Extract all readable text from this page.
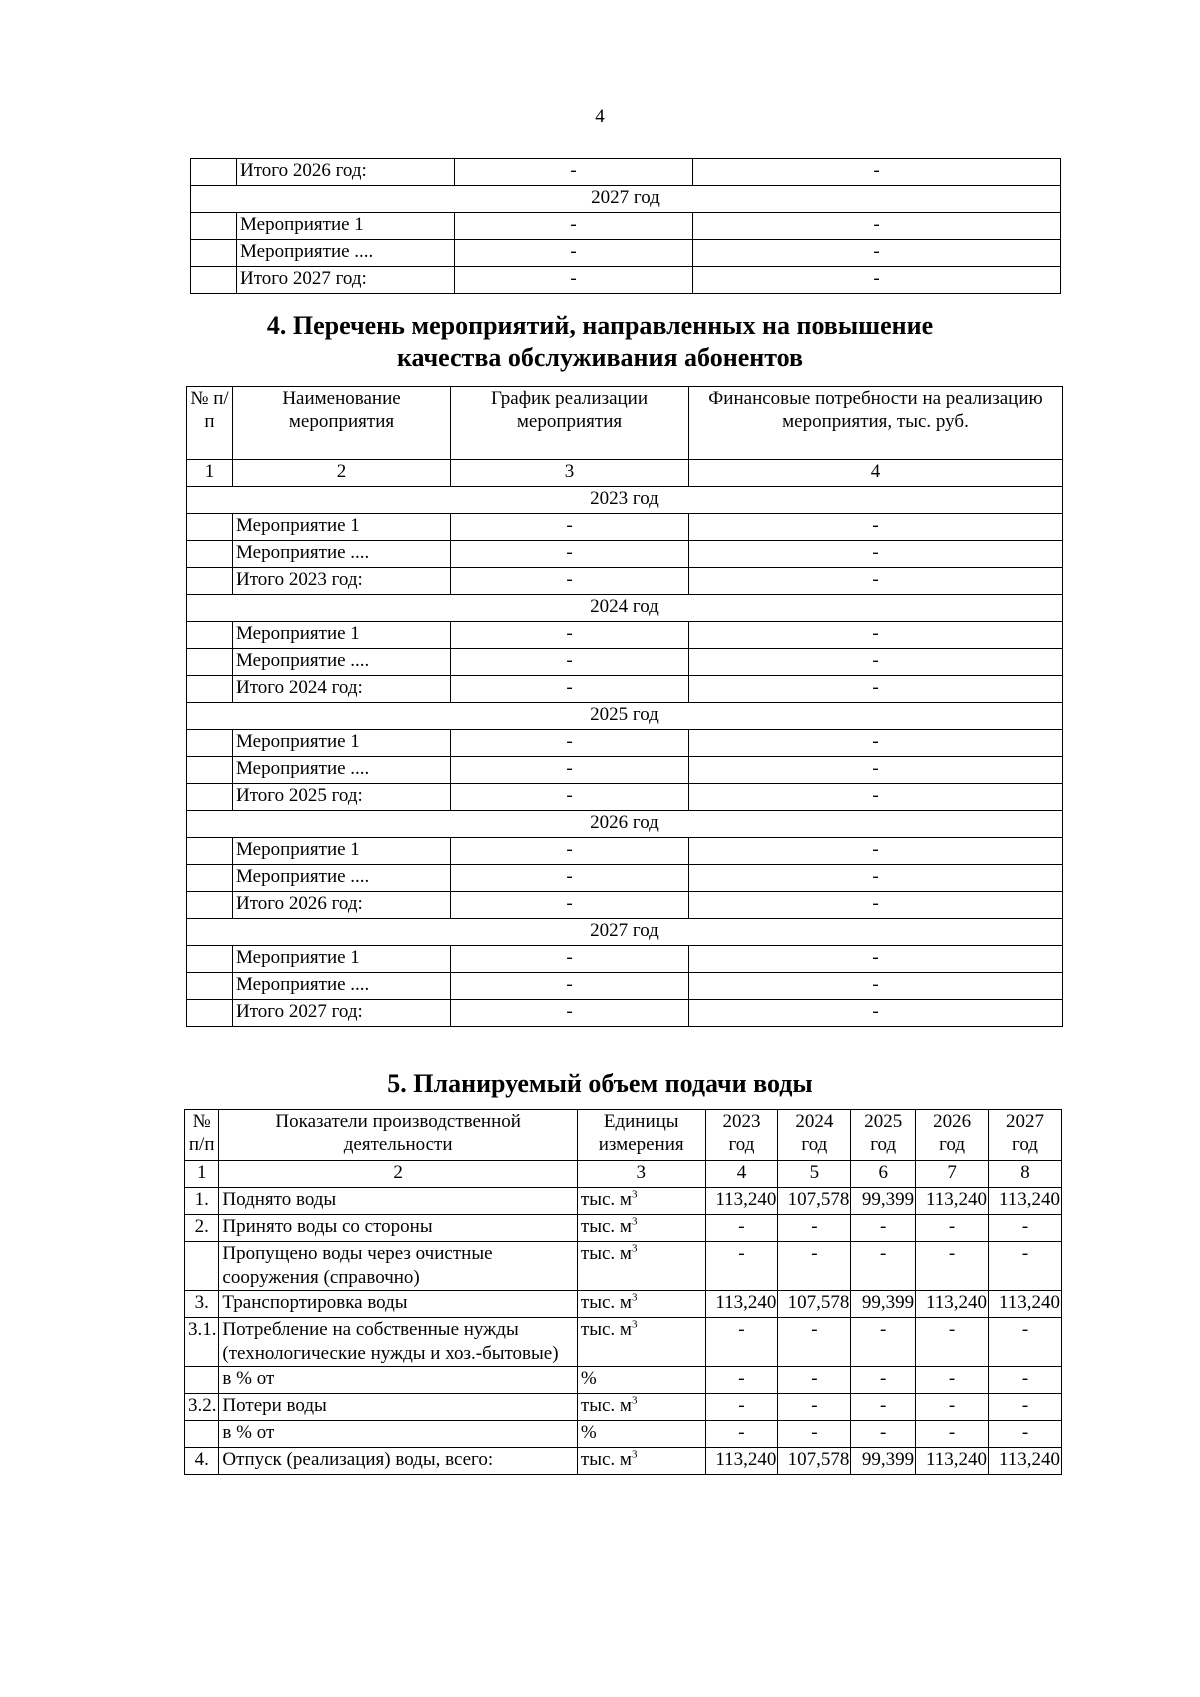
4
	Итого 2026 год:	-	-
2027 год			
	Мероприятие 1	-	-
	Мероприятие ....	-	-
	Итого 2027 год:	-	-
4. Перечень мероприятий, направленных на повышение
качества обслуживания абонентов
№ п/п	Наименование мероприятия	График реализации мероприятия	Финансовые потребности на реализацию мероприятия, тыс. руб.
1	2	3	4
2023 год			
	Мероприятие 1	-	-
	Мероприятие ....	-	-
	Итого 2023 год:	-	-
2024 год			
	Мероприятие 1	-	-
	Мероприятие ....	-	-
	Итого 2024 год:	-	-
2025 год			
	Мероприятие 1	-	-
	Мероприятие ....	-	-
	Итого 2025 год:	-	-
2026 год			
	Мероприятие 1	-	-
	Мероприятие ....	-	-
	Итого 2026 год:	-	-
2027 год			
	Мероприятие 1	-	-
	Мероприятие ....	-	-
	Итого 2027 год:	-	-
5. Планируемый объем подачи воды
№ п/п	Показатели производственной деятельности	Единицы измерения	2023 год	2024 год	2025 год	2026 год	2027 год
1	2	3	4	5	6	7	8
1.	Поднято воды	тыс. $м^3$	113,240	107,578	99,399	113,240	113,240
2.	Принято воды со стороны	тыс. $м^3$	-	-	-	-	-
	Пропущено воды через очистные сооружения (справочно)	тыс. $м^3$	-	-	-	-	-
3.	Транспортировка воды	тыс. $м^3$	113,240	107,578	99,399	113,240	113,240
3.1.	Потребление на собственные нужды (технологические нужды и хоз.-бытовые)	тыс. $м^3$	-	-	-	-	-
	в % от	%	-	-	-	-	-
3.2.	Потери воды	тыс. $м^3$	-	-	-	-	-
	в % от	%	-	-	-	-	-
4.	Отпуск (реализация) воды, всего:	тыс. $м^3$	113,240	107,578	99,399	113,240	113,240
